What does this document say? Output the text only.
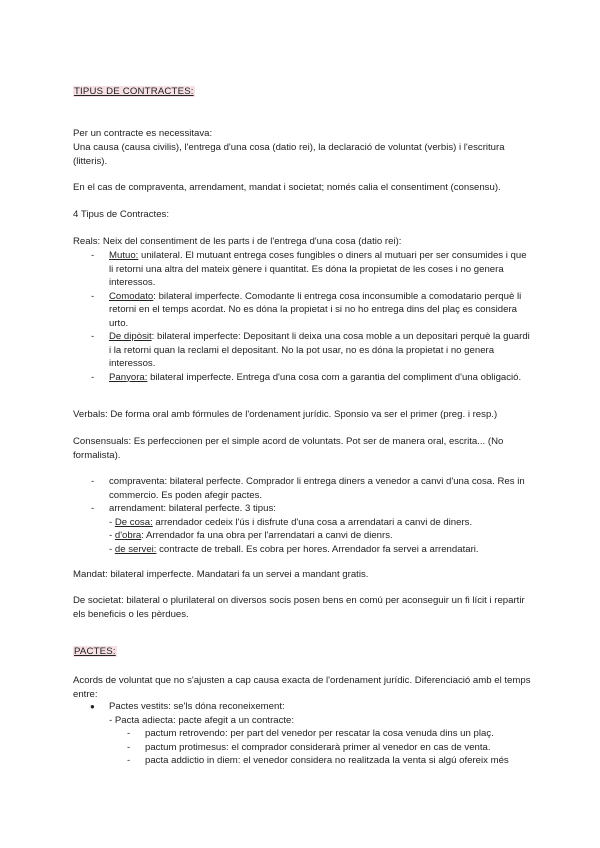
TIPUS DE CONTRACTES:

Per un contracte es necessitava:

Una causa (causa civilis), l'entrega d'una cosa (datio rei), la declaració de voluntat (verbis) i l'escritura (litteris).

En el cas de compraventa, arrendament, mandat i societat; només calia el consentiment (consensu).

4 Tipus de Contractes:

Reals: Neix del consentiment de les parts i de l'entrega d'una cosa (datio rei):

- Mutuo: unilateral. El mutuant entrega coses fungibles o diners al mutuari per ser consumides i que li retorni una altra del mateix gènere i quantitat. Es dóna la propietat de les coses i no genera interessos.
- Comodato: bilateral imperfecte. Comodante li entrega cosa inconsumible a comodatario perquè li retorni en el temps acordat. No es dóna la propietat i si no ho entrega dins del plaç es considera urto.
- De dipòsit: bilateral imperfecte: Depositant li deixa una cosa moble a un depositari perquè la guardi i la retorni quan la reclami el depositant. No la pot usar, no es dóna la propietat i no genera interessos.
- Panyora: bilateral imperfecte. Entrega d'una cosa com a garantia del compliment d'una obligació.

Verbals: De forma oral amb fórmules de l'ordenament jurídic. Sponsio va ser el primer (preg. i resp.)

Consensuals: Es perfeccionen per el simple acord de voluntats. Pot ser de manera oral, escrita... (No formalista).

- compraventa: bilateral perfecte. Comprador li entrega diners a venedor a canvi d'una cosa. Res in commercio. Es poden afegir pactes.
- arrendament: bilateral perfecte. 3 tipus:
- De cosa: arrendador cedeix l'ús i disfrute d'una cosa a arrendatari a canvi de diners.
- d'obra: Arrendador fa una obra per l'arrendatari a canvi de dienrs.
- de servei: contracte de treball. Es cobra per hores. Arrendador fa servei a arrendatari.

Mandat: bilateral imperfecte. Mandatari fa un servei a mandant gratis.

De societat: bilateral o plurilateral on diversos socis posen bens en comú per aconseguir un fi lícit i repartir els beneficis o les pèrdues.

PACTES:

Acords de voluntat que no s'ajusten a cap causa exacta de l'ordenament jurídic. Diferenciació amb el temps entre:

● Pactes vestits: se'ls dóna reconeixement:
- Pacta adiecta: pacte afegit a un contracte:
- pactum retrovendo: per part del venedor per rescatar la cosa venuda dins un plaç.
- pactum protimesus: el comprador considerarà primer al venedor en cas de venta.
- pacta addictio in diem: el venedor considera no realitzada la venta si algú ofereix més
